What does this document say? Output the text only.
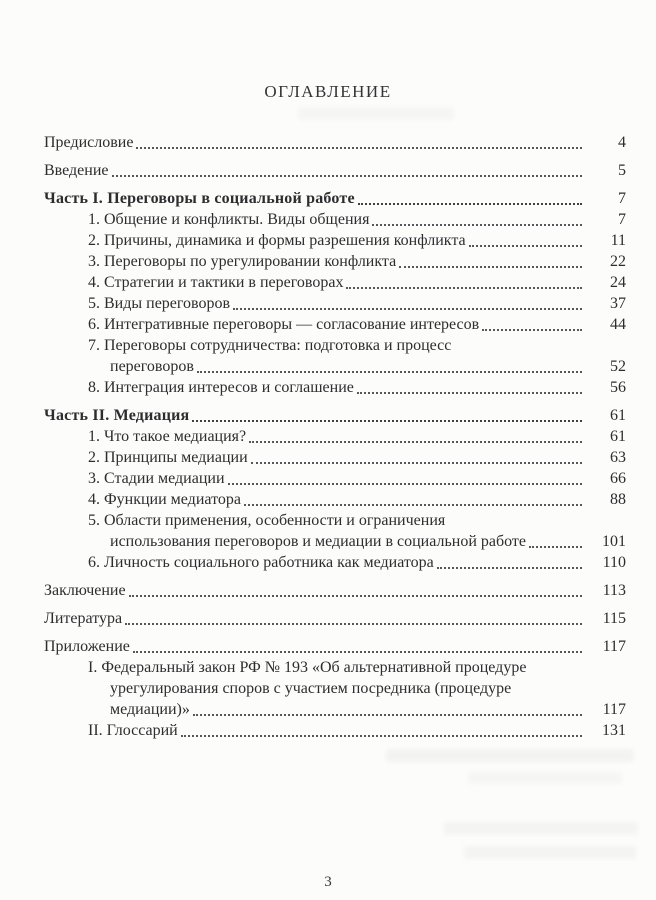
ОГЛАВЛЕНИЕ
Предисловие	4
Введение	5
Часть I. Переговоры в социальной работе	7
1. Общение и конфликты. Виды общения	7
2. Причины, динамика и формы разрешения конфликта	11
3. Переговоры по урегулировании конфликта	22
4. Стратегии и тактики в переговорах	24
5. Виды переговоров	37
6. Интегративные переговоры — согласование интересов	44
7. Переговоры сотрудничества: подготовка и процесс
переговоров	52
8. Интеграция интересов и соглашение	56
Часть II. Медиация	61
1. Что такое медиация?	61
2. Принципы медиации	63
3. Стадии медиации	66
4. Функции медиатора	88
5. Области применения, особенности и ограничения
использования переговоров и медиации в социальной работе	101
6. Личность социального работника как медиатора	110
Заключение	113
Литература	115
Приложение	117
I. Федеральный закон РФ № 193 «Об альтернативной процедуре
урегулирования споров с участием посредника (процедуре
медиации)»	117
II. Глоссарий	131
3
